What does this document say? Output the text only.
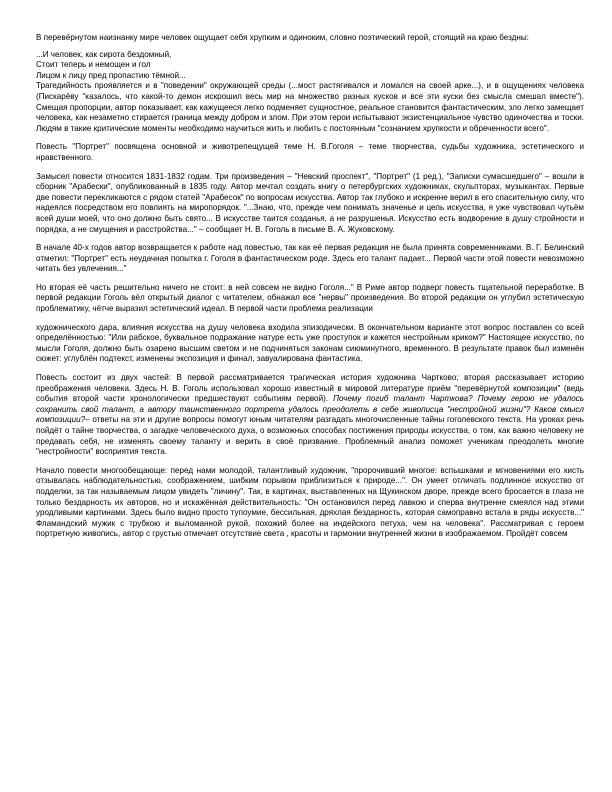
В перевёрнутом наизнанку мире человек ощущает себя хрупким и одиноким, словно поэтический герой, стоящий на краю бездны:

...И человек, как сирота бездомный,

Стоит теперь и немощен и гол

Лицом к лицу пред пропастию тёмной...

Трагедийность проявляется и в "поведении" окружающей среды (...мост растягивался и ломался на своей арке...), и в ощущениях человека (Пискарёву "казалось, что какой-то демон искрошил весь мир на множество разных кусков и все эти куски без смысла смешал вместе"). Смещая пропорции, автор показывает, как кажущееся легко подменяет сущностное, реальное становится фантастическим, зло легко замещает человека, как незаметно стирается граница между добром и злом. При этом герои испытывают экзистенциальное чувство одиночества и тоски. Людям в такие критические моменты необходимо научиться жить и любить с постоянным "сознанием хрупкости и обреченности всего".

Повесть "Портрет" посвящена основной и животрепещущей теме Н. В.Гоголя – теме творчества, судьбы художника, эстетического и нравственного.

Замысел повести относится 1831-1832 годам. Три произведения – "Невский проспект", "Портрет" (1 ред.), "Записки сумасшедшего" – вошли в сборник "Арабески", опубликованный в 1835 году. Автор мечтал создать книгу о петербургских художниках, скульпторах, музыкантах. Первые две повести перекликаются с рядом статей "Арабесок" по вопросам искусства. Автор так глубоко и искренне верил в его спасительную силу, что надеялся посредством его повлиять на миропорядок. "...Знаю, что, прежде чем понимать значенье и цель искусства, я уже чувствовал чутьём всей души моей, что оно должно быть свято... В искусстве таится созданья, а не разрушенья. Искусство есть водворение в душу стройности и порядка, а не смущения и расстройства..." – сообщает Н. В. Гоголь в письме В. А. Жуковскому.

В начале 40-х годов автор возвращается к работе над повестью, так как её первая редакция не была принята современниками. В. Г. Белинский отметил: "Портрет" есть неудачная попытка г. Гоголя в фантастическом роде. Здесь его талант падает... Первой части этой повести невозможно читать без увлечения..."

Но вторая её часть решительно ничего не стоит: в ней совсем не видно Гоголя..." В Риме автор подверг повесть тщательной переработке. В первой редакции Гоголь вёл открытый диалог с читателем, обнажал все "нервы" произведения. Во второй редакции он углубил эстетическую проблематику, чётче выразил эстетический идеал. В первой части проблема реализации

художнического дара, влияния искусства на душу человека входила эпизодически. В окончательном варианте этот вопрос поставлен со всей определённостью: "Или рабское, буквальное подражание натуре есть уже проступок и кажется нестройным криком?" Настоящее искусство, по мысли Гоголя, должно быть озарено высшим светом и не подчиняться законам сиюминутного, временного. В результате правок был изменён сюжет: углублён подтекст, изменены экспозиция и финал, завуалирована фантастика.

Повесть состоит из двух частей: В первой рассматривается трагическая история художника Чартково; вторая рассказывает историю преображения человека. Здесь Н. В. Гоголь использовал хорошо известный в мировой литературе приём "перевёрнутой композиции" (ведь события второй части хронологически предшествуют событиям первой). Почему погиб талант Чарткова? Почему герою не удалось сохранить свой талант, а автору таинственного портрета удалось преодолеть в себе живописца "нестройной жизни"? Каков смысл композиции?– ответы на эти и другие вопросы помогут юным читателям разгадать многочисленные тайны гоголевского текста. На уроках речь пойдёт о тайне творчества, о загадке человеческого духа, о возможных способах постижения природы искусства, о том, как важно человеку не предавать себя, не изменять своему таланту и верить в своё призвание. Проблемный анализ поможет ученикам преодолеть многие "нестройности" восприятия текста.

Начало повести многообещающе: перед нами молодой, талантливый художник, "пророчивший многое: вспышками и мгновениями его кисть отзывалась наблюдательностью, соображением, шибким порывом приблизиться к природе...". Он умеет отличать подлинное искусство от подделки, за так называемым лицом увидеть "личину". Так, в картинах, выставленных на Щукинском дворе, прежде всего бросается в глаза не только бездарность их авторов, но и искажённая действительность: "Он остановился перед лавкою и сперва внутренне смеялся над этими уродливыми картинами. Здесь было видно просто тупоумие, бессильная, дряхлая бездарность, которая самоправно встала в ряды искусств..." Фламандский мужик с трубкою и выломанной рукой, похожий более на индейского петуха, чем на человека". Рассматривая с героем портретную живопись, автор с грустью отмечает отсутствие света , красоты и гармонии внутренней жизни в изображаемом. Пройдёт совсем
